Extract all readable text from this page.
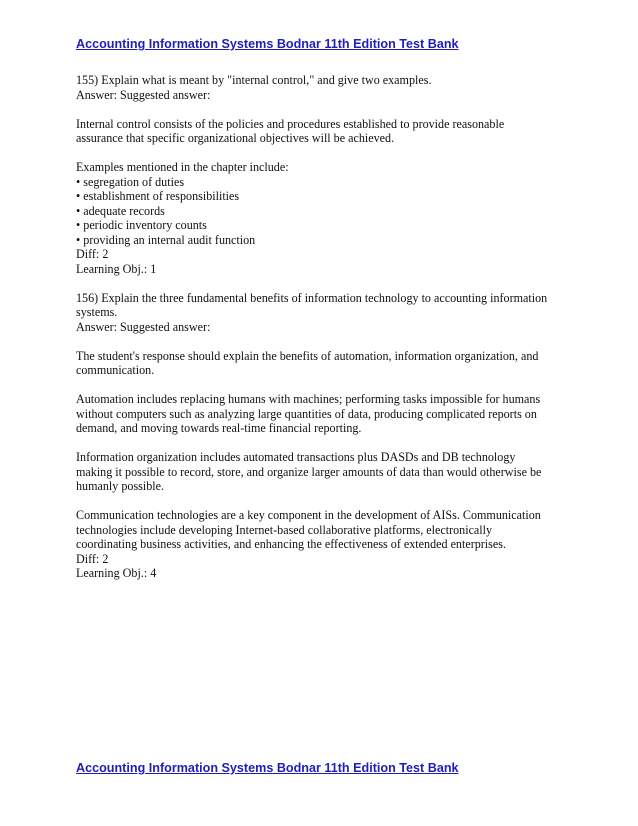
Accounting Information Systems Bodnar 11th Edition Test Bank
155) Explain what is meant by "internal control," and give two examples.
Answer: Suggested answer:
Internal control consists of the policies and procedures established to provide reasonable
assurance that specific organizational objectives will be achieved.
Examples mentioned in the chapter include:
• segregation of duties
• establishment of responsibilities
• adequate records
• periodic inventory counts
• providing an internal audit function
Diff: 2
Learning Obj.: 1
156) Explain the three fundamental benefits of information technology to accounting information
systems.
Answer: Suggested answer:
The student's response should explain the benefits of automation, information organization, and
communication.
Automation includes replacing humans with machines; performing tasks impossible for humans
without computers such as analyzing large quantities of data, producing complicated reports on
demand, and moving towards real-time financial reporting.
Information organization includes automated transactions plus DASDs and DB technology
making it possible to record, store, and organize larger amounts of data than would otherwise be
humanly possible.
Communication technologies are a key component in the development of AISs. Communication
technologies include developing Internet-based collaborative platforms, electronically
coordinating business activities, and enhancing the effectiveness of extended enterprises.
Diff: 2
Learning Obj.: 4
Accounting Information Systems Bodnar 11th Edition Test Bank
